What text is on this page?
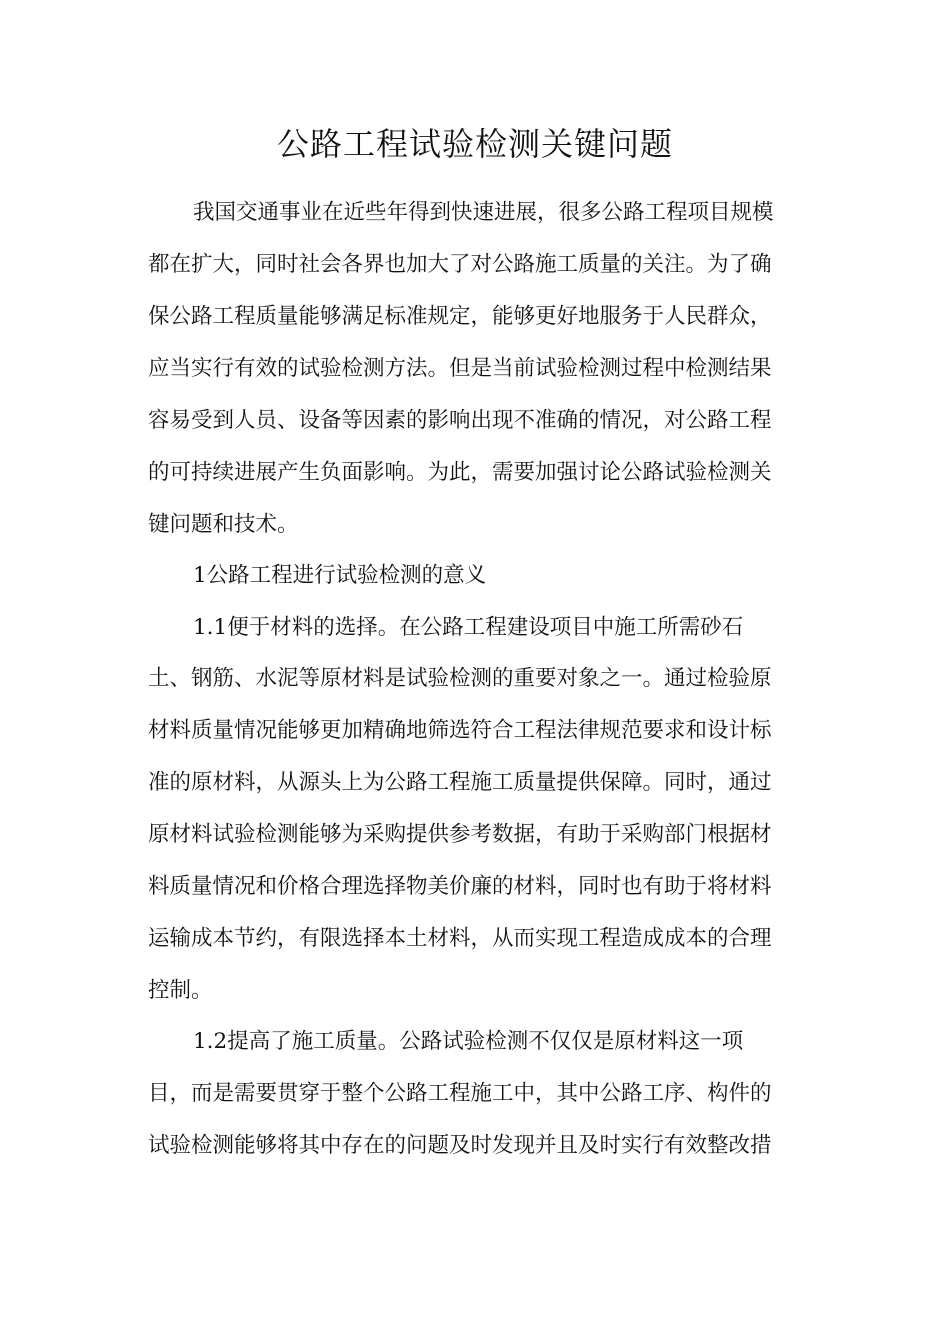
公路工程试验检测关键问题

我国交通事业在近些年得到快速进展，很多公路工程项目规模

都在扩大，同时社会各界也加大了对公路施工质量的关注。为了确

保公路工程质量能够满足标准规定，能够更好地服务于人民群众，

应当实行有效的试验检测方法。但是当前试验检测过程中检测结果

容易受到人员、设备等因素的影响出现不准确的情况，对公路工程

的可持续进展产生负面影响。为此，需要加强讨论公路试验检测关

键问题和技术。

1公路工程进行试验检测的意义

1.1便于材料的选择。在公路工程建设项目中施工所需砂石

土、钢筋、水泥等原材料是试验检测的重要对象之一。通过检验原

材料质量情况能够更加精确地筛选符合工程法律规范要求和设计标

准的原材料，从源头上为公路工程施工质量提供保障。同时，通过

原材料试验检测能够为采购提供参考数据，有助于采购部门根据材

料质量情况和价格合理选择物美价廉的材料，同时也有助于将材料

运输成本节约，有限选择本土材料，从而实现工程造成成本的合理

控制。

1.2提高了施工质量。公路试验检测不仅仅是原材料这一项

目，而是需要贯穿于整个公路工程施工中，其中公路工序、构件的

试验检测能够将其中存在的问题及时发现并且及时实行有效整改措
